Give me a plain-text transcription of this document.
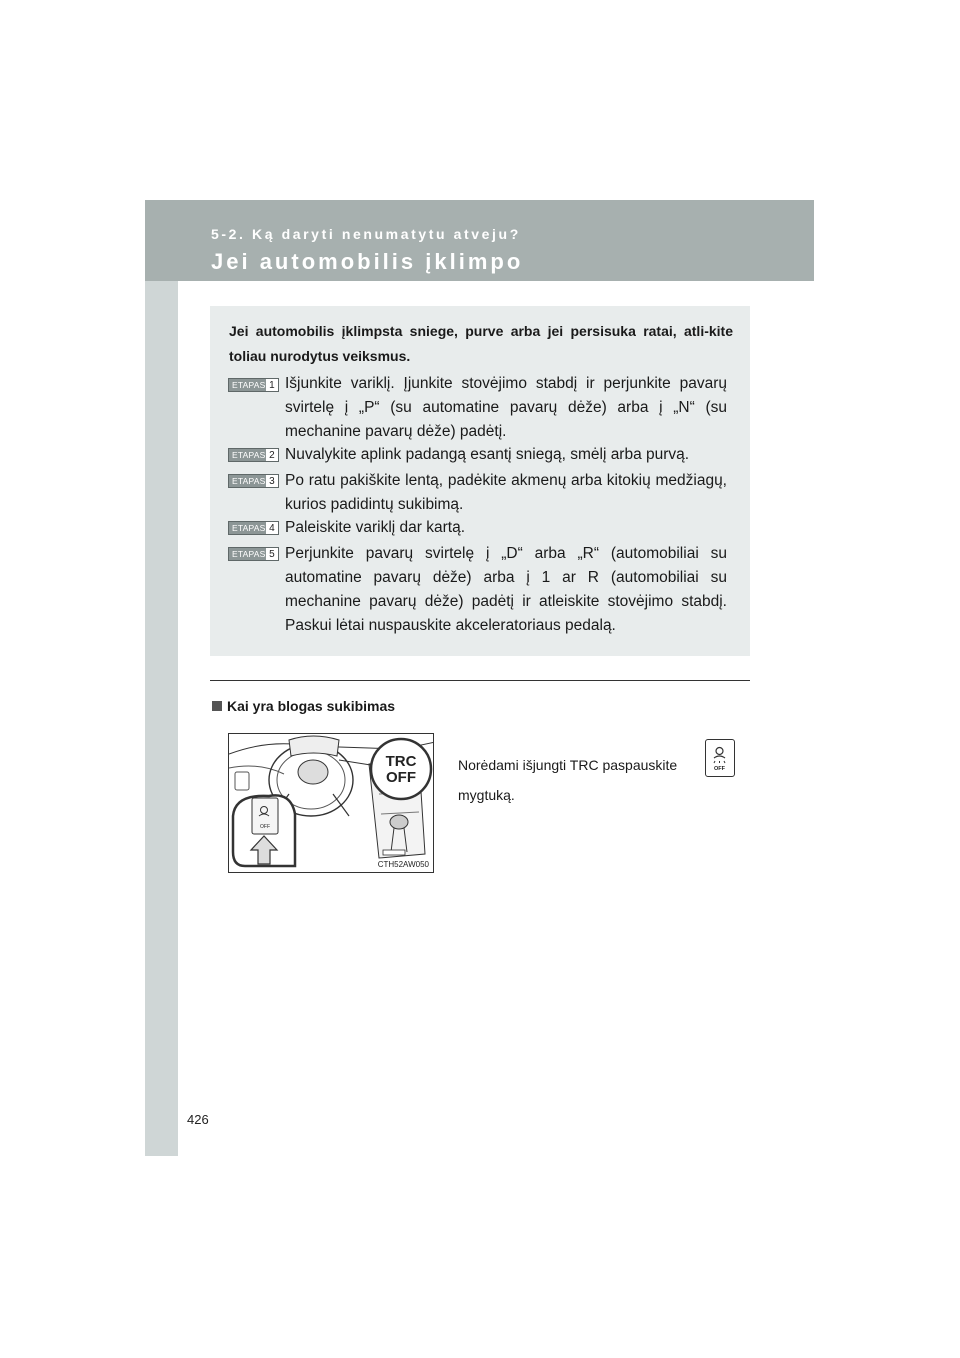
5-2. Ką daryti nenumatytu atveju?
Jei automobilis įklimpo
Jei automobilis įklimpsta sniege, purve arba jei persisuka ratai, atli-kite toliau nurodytus veiksmus.
ETAPAS 1 Išjunkite variklį. Įjunkite stovėjimo stabdį ir perjunkite pavarų svirtelę į „P“ (su automatine pavarų dėže) arba į „N“ (su mechanine pavarų dėže) padėtį.
ETAPAS 2 Nuvalykite aplink padangą esantį sniegą, smėlį arba purvą.
ETAPAS 3 Po ratu pakiškite lentą, padėkite akmenų arba kitokių medžiagų, kurios padidintų sukibimą.
ETAPAS 4 Paleiskite variklį dar kartą.
ETAPAS 5 Perjunkite pavarų svirtelę į „D“ arba „R“ (automobiliai su automatine pavarų dėže) arba į 1 ar R (automobiliai su mechanine pavarų dėže) padėtį ir atleiskite stovėjimo stabdį. Paskui lėtai nuspauskite akceleratoriaus pedalą.
Kai yra blogas sukibimas
TRC
OFF
OFF
CTH52AW050
Norėdami išjungti TRC paspauskite
mygtuką.
OFF
426
